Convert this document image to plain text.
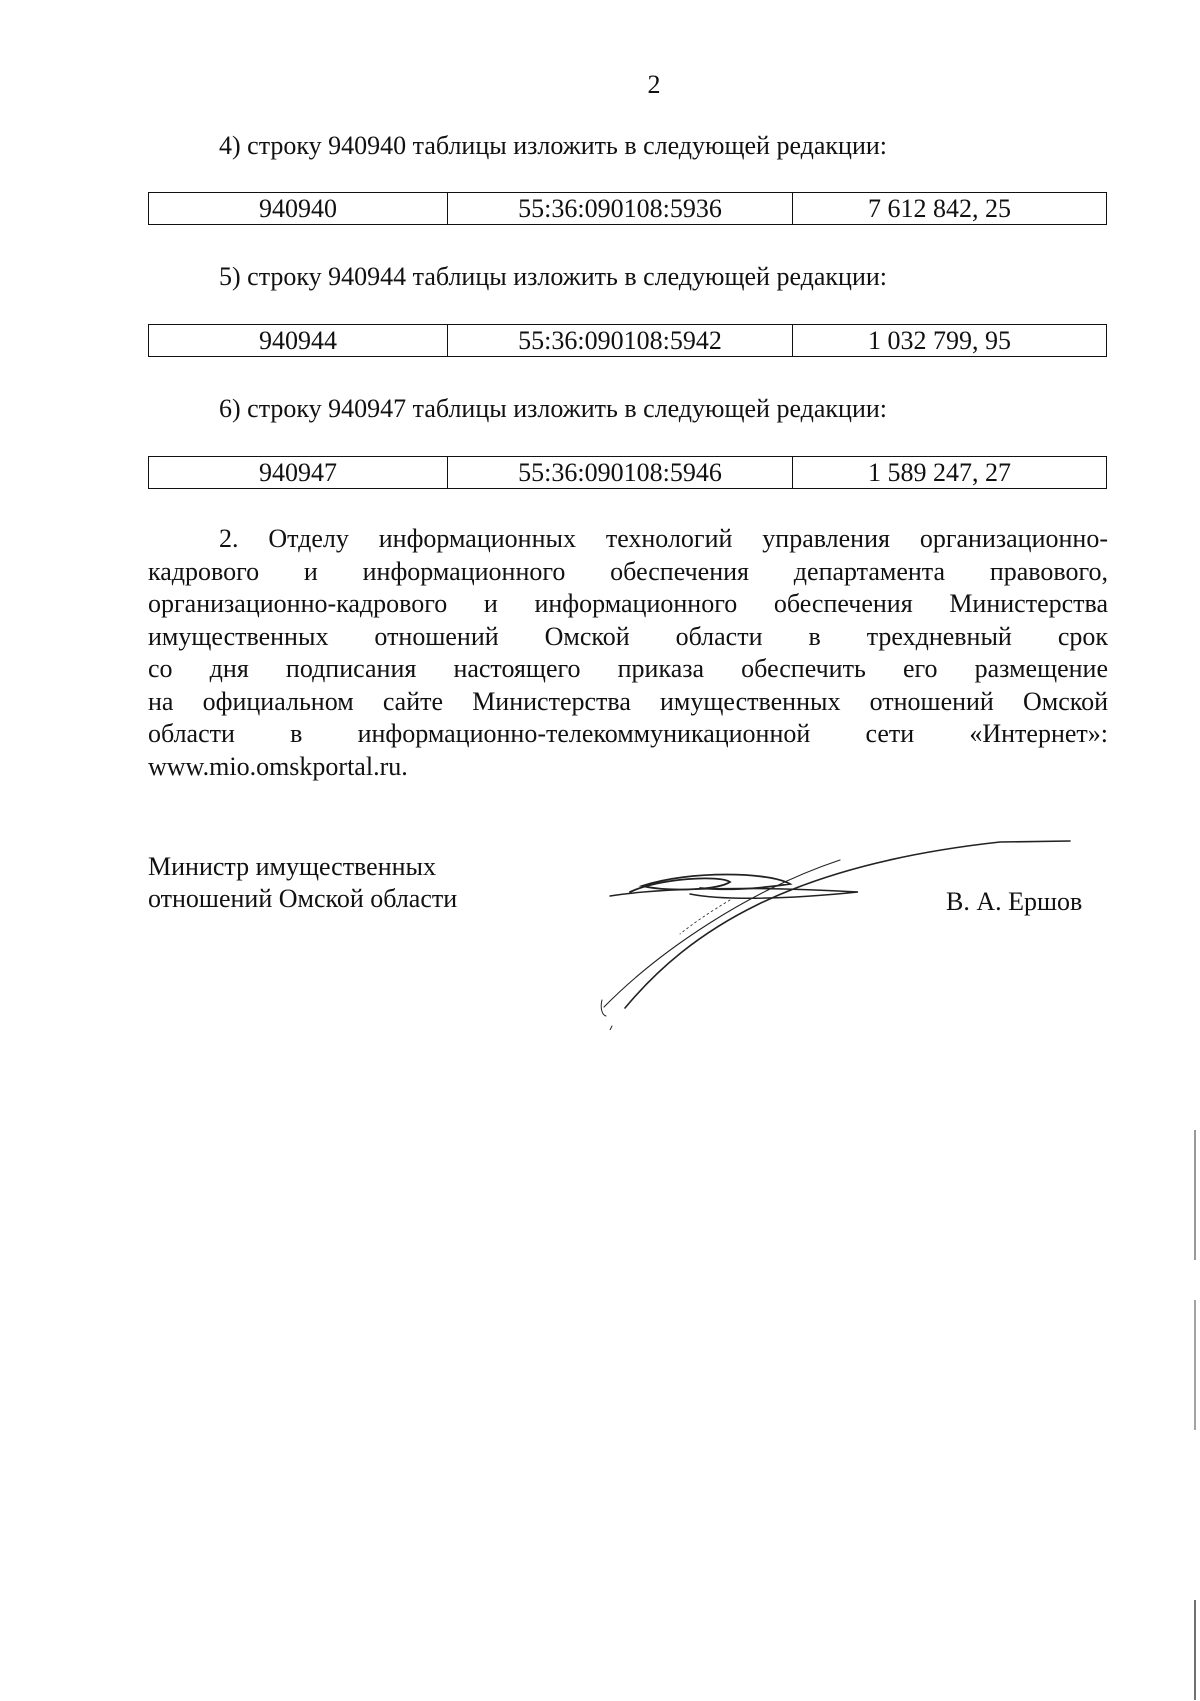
2
4) строку 940940 таблицы изложить в следующей редакции:
940940	55:36:090108:5936	7 612 842, 25
5) строку 940944 таблицы изложить в следующей редакции:
940944	55:36:090108:5942	1 032 799, 95
6) строку 940947 таблицы изложить в следующей редакции:
940947	55:36:090108:5946	1 589 247, 27
2. Отделу информационных технологий управления организационно-
кадрового и информационного обеспечения департамента правового,
организационно-кадрового и информационного обеспечения Министерства
имущественных отношений Омской области в трехдневный срок
со дня подписания настоящего приказа обеспечить его размещение
на официальном сайте Министерства имущественных отношений Омской
области в информационно-телекоммуникационной сети «Интернет»:
www.mio.omskportal.ru.
Министр имущественных
отношений Омской области	В. А. Ершов
